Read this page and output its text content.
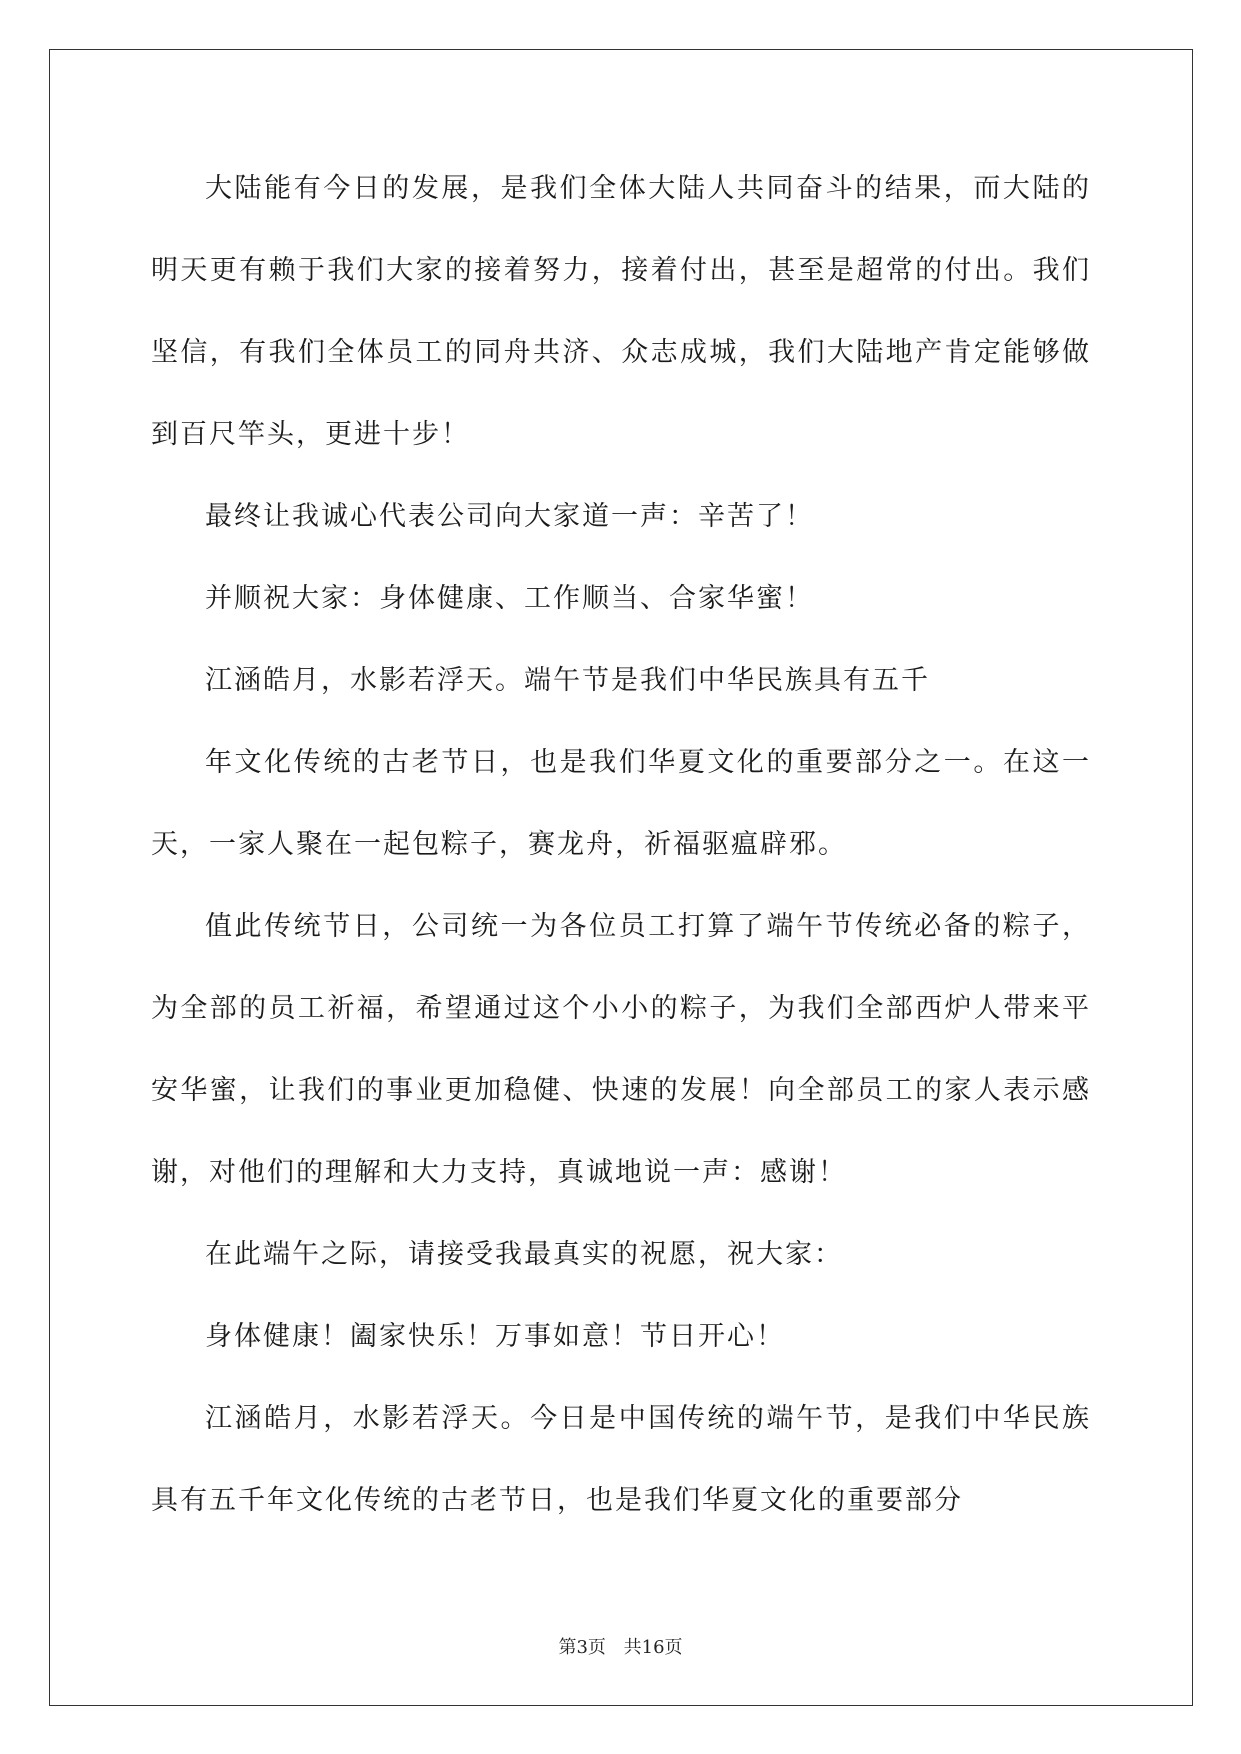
大陆能有今日的发展，是我们全体大陆人共同奋斗的结果，而大陆的明天更有赖于我们大家的接着努力，接着付出，甚至是超常的付出。我们坚信，有我们全体员工的同舟共济、众志成城，我们大陆地产肯定能够做到百尺竿头，更进十步！

最终让我诚心代表公司向大家道一声：辛苦了！

并顺祝大家：身体健康、工作顺当、合家华蜜！

江涵皓月，水影若浮天。端午节是我们中华民族具有五千

年文化传统的古老节日，也是我们华夏文化的重要部分之一。在这一天，一家人聚在一起包粽子，赛龙舟，祈福驱瘟辟邪。

值此传统节日，公司统一为各位员工打算了端午节传统必备的粽子，为全部的员工祈福，希望通过这个小小的粽子，为我们全部西炉人带来平安华蜜，让我们的事业更加稳健、快速的发展！向全部员工的家人表示感谢，对他们的理解和大力支持，真诚地说一声：感谢！

在此端午之际，请接受我最真实的祝愿，祝大家：

身体健康！阖家快乐！万事如意！节日开心！

江涵皓月，水影若浮天。今日是中国传统的端午节，是我们中华民族具有五千年文化传统的古老节日，也是我们华夏文化的重要部分

第3页 共16页
